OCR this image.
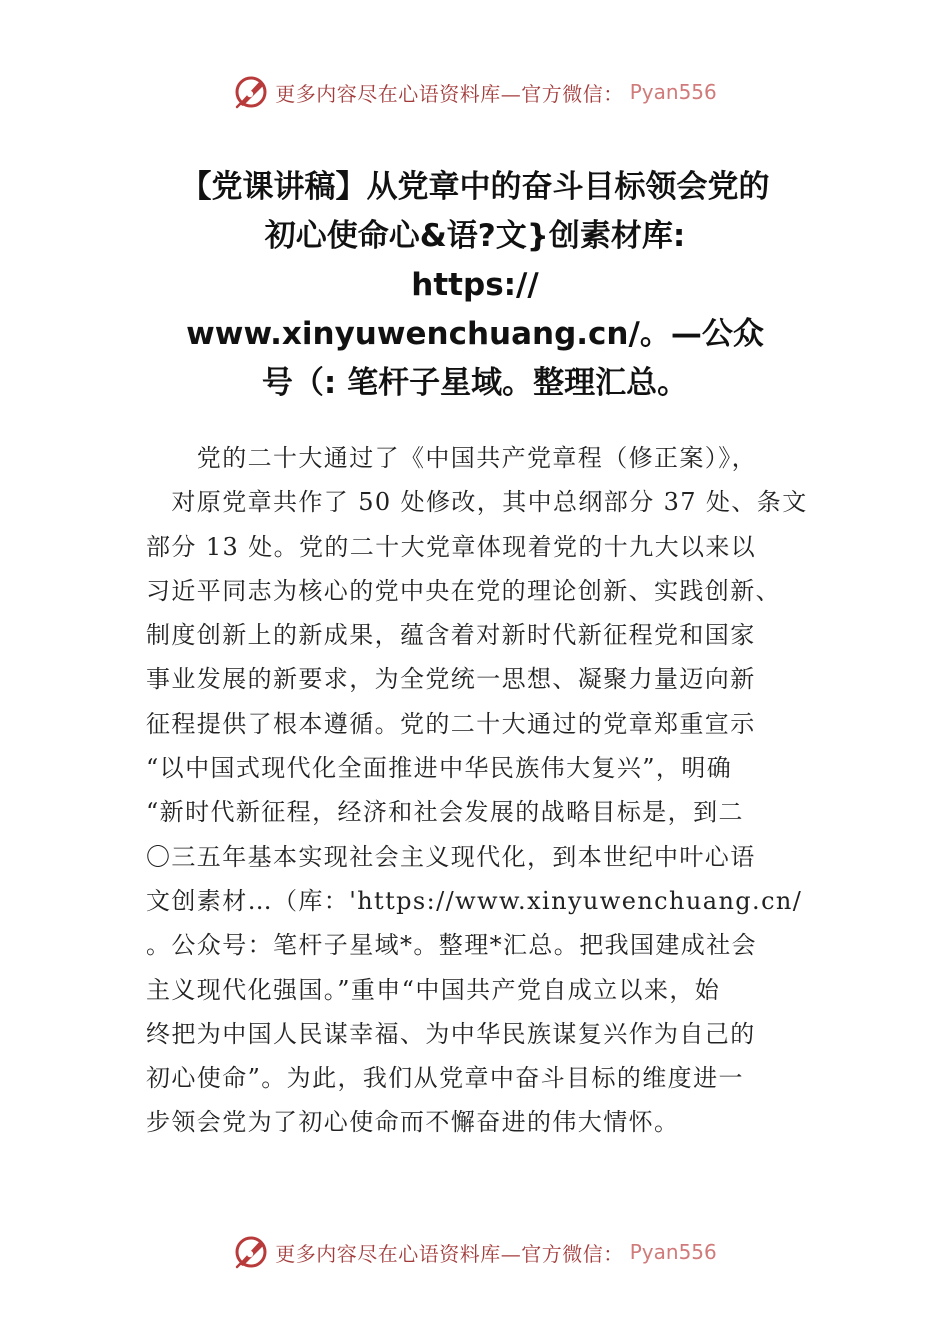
更多内容尽在心语资料库—官方微信： Pyan556
【党课讲稿】从党章中的奋斗目标领会党的
初心使命心&语?文}创素材库:
https://
www.xinyuwenchuang.cn/。—公众
号（: 笔杆子星域。整理汇总。
　　党的二十大通过了《中国共产党章程（修正案）》，
　对原党章共作了 50 处修改，其中总纲部分 37 处、条文
部分 13 处。党的二十大党章体现着党的十九大以来以
习近平同志为核心的党中央在党的理论创新、实践创新、
制度创新上的新成果，蕴含着对新时代新征程党和国家
事业发展的新要求，为全党统一思想、凝聚力量迈向新
征程提供了根本遵循。党的二十大通过的党章郑重宣示
“以中国式现代化全面推进中华民族伟大复兴”，明确
“新时代新征程，经济和社会发展的战略目标是，到二
〇三五年基本实现社会主义现代化，到本世纪中叶心语
文创素材…（库：'https://www.xinyuwenchuang.cn/
。公众号：笔杆子星域*。整理*汇总。把我国建成社会
主义现代化强国。”重申“中国共产党自成立以来，始
终把为中国人民谋幸福、为中华民族谋复兴作为自己的
初心使命”。为此，我们从党章中奋斗目标的维度进一
步领会党为了初心使命而不懈奋进的伟大情怀。
更多内容尽在心语资料库—官方微信： Pyan556
